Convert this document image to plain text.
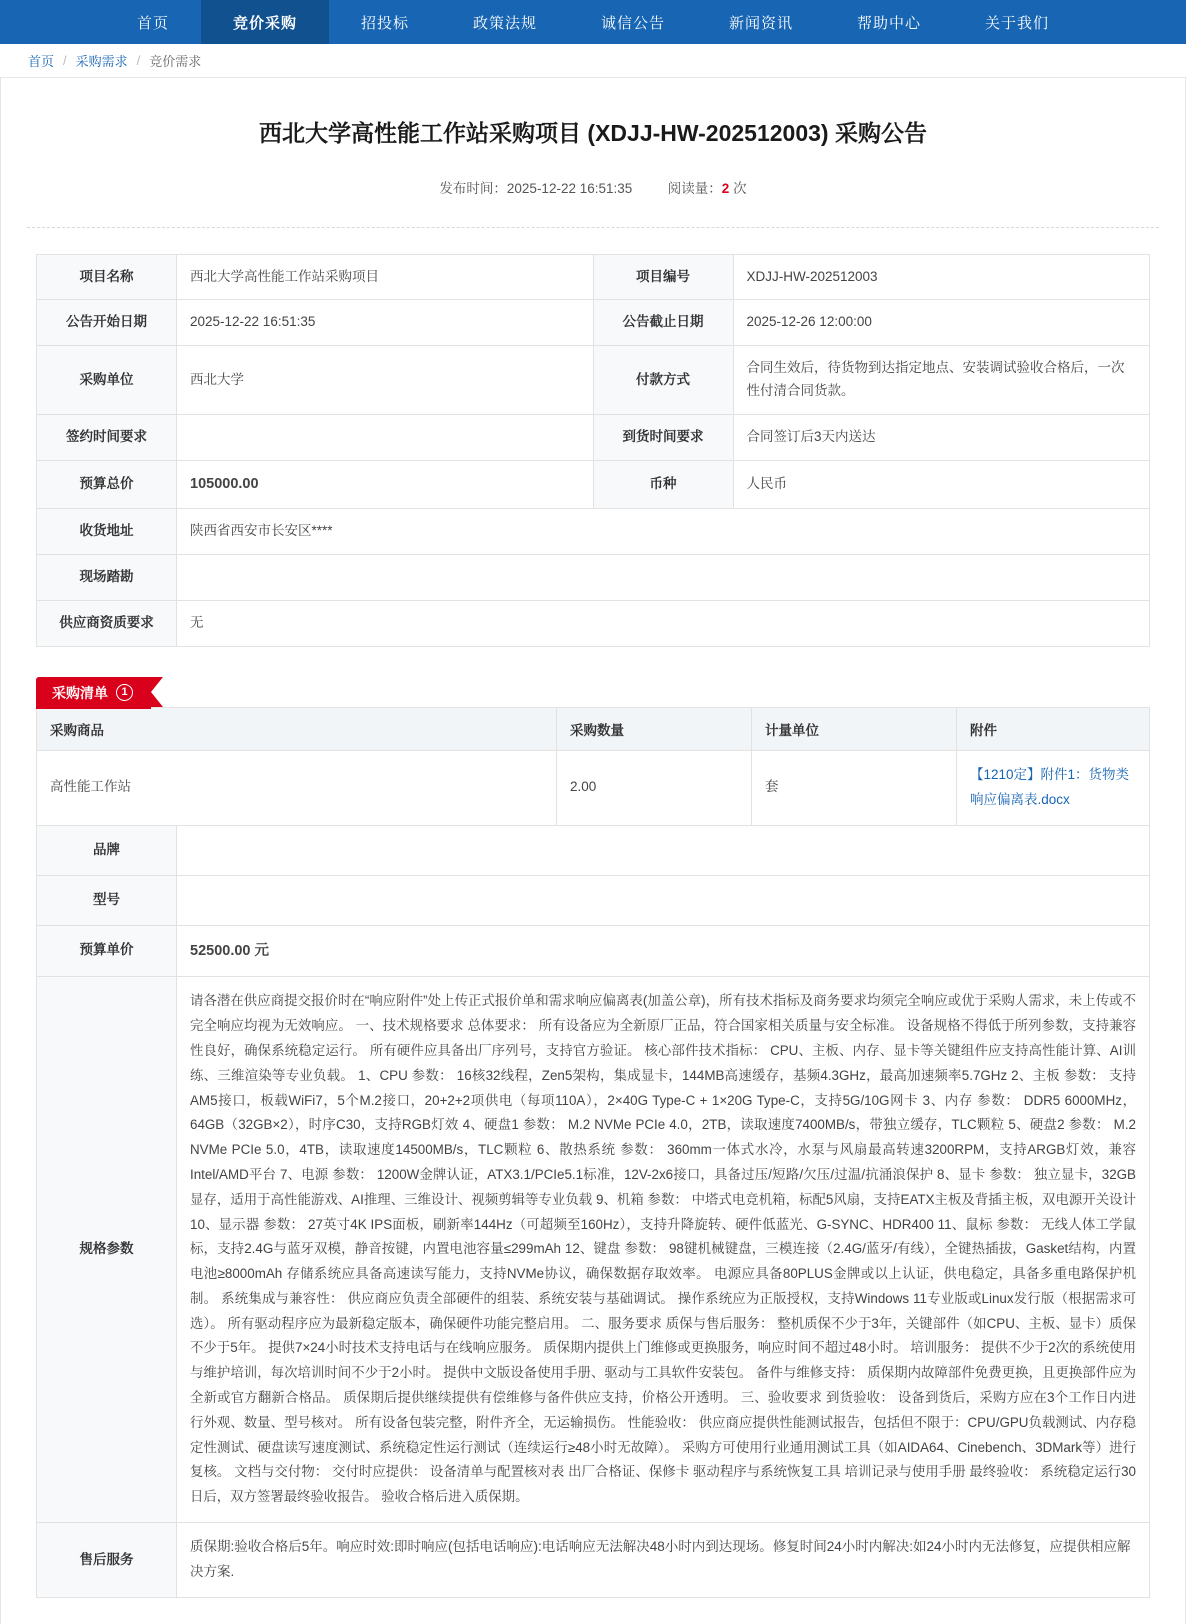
首页	竞价采购	招投标	政策法规	诚信公告	新闻资讯	帮助中心	关于我们
首页 / 采购需求 / 竞价需求
西北大学高性能工作站采购项目 (XDJJ-HW-202512003) 采购公告
发布时间：2025-12-22 16:51:35	阅读量：2 次
项目名称	西北大学高性能工作站采购项目	项目编号	XDJJ-HW-202512003
公告开始日期	2025-12-22 16:51:35	公告截止日期	2025-12-26 12:00:00
采购单位	西北大学	付款方式	合同生效后，待货物到达指定地点、安装调试验收合格后，一次性付清合同货款。
签约时间要求		到货时间要求	合同签订后3天内送达
预算总价	105000.00	币种	人民币
收货地址	陕西省西安市长安区****		
现场踏勘			
供应商资质要求	无		
采购清单	1
采购商品		采购数量	计量单位	附件
高性能工作站		2.00	套	【1210定】附件1：货物类响应偏离表.docx
品牌				
型号				
预算单价	52500.00 元			
规格参数	请各潜在供应商提交报价时在“响应附件”处上传正式报价单和需求响应偏离表(加盖公章)，所有技术指标及商务要求均须完全响应或优于采购人需求，未上传或不完全响应均视为无效响应。 一、技术规格要求 总体要求： 所有设备应为全新原厂正品，符合国家相关质量与安全标准。 设备规格不得低于所列参数，支持兼容性良好，确保系统稳定运行。 所有硬件应具备出厂序列号，支持官方验证。 核心部件技术指标： CPU、主板、内存、显卡等关键组件应支持高性能计算、AI训练、三维渲染等专业负载。 1、CPU 参数： 16核32线程，Zen5架构，集成显卡，144MB高速缓存，基频4.3GHz，最高加速频率5.7GHz 2、主板 参数： 支持AM5接口，板载WiFi7，5个M.2接口，20+2+2项供电（每项110A），2×40G Type-C + 1×20G Type-C，支持5G/10G网卡 3、内存 参数： DDR5 6000MHz，64GB（32GB×2），时序C30，支持RGB灯效 4、硬盘1 参数： M.2 NVMe PCIe 4.0，2TB，读取速度7400MB/s，带独立缓存，TLC颗粒 5、硬盘2 参数： M.2 NVMe PCIe 5.0，4TB，读取速度14500MB/s，TLC颗粒 6、散热系统 参数： 360mm一体式水冷，水泵与风扇最高转速3200RPM，支持ARGB灯效，兼容Intel/AMD平台 7、电源 参数： 1200W金牌认证，ATX3.1/PCIe5.1标准，12V-2x6接口，具备过压/短路/欠压/过温/抗涌浪保护 8、显卡 参数： 独立显卡，32GB显存，适用于高性能游戏、AI推理、三维设计、视频剪辑等专业负载 9、机箱 参数： 中塔式电竞机箱，标配5风扇，支持EATX主板及背插主板，双电源开关设计 10、显示器 参数： 27英寸4K IPS面板，刷新率144Hz（可超频至160Hz），支持升降旋转、硬件低蓝光、G-SYNC、HDR400 11、鼠标 参数： 无线人体工学鼠标，支持2.4G与蓝牙双模，静音按键，内置电池容量≤299mAh 12、键盘 参数： 98键机械键盘，三模连接（2.4G/蓝牙/有线），全键热插拔，Gasket结构，内置电池≥8000mAh 存储系统应具备高速读写能力，支持NVMe协议，确保数据存取效率。 电源应具备80PLUS金牌或以上认证，供电稳定，具备多重电路保护机制。 系统集成与兼容性： 供应商应负责全部硬件的组装、系统安装与基础调试。 操作系统应为正版授权，支持Windows 11专业版或Linux发行版（根据需求可选）。 所有驱动程序应为最新稳定版本，确保硬件功能完整启用。 二、服务要求 质保与售后服务： 整机质保不少于3年，关键部件（如CPU、主板、显卡）质保不少于5年。 提供7×24小时技术支持电话与在线响应服务。 质保期内提供上门维修或更换服务，响应时间不超过48小时。 培训服务： 提供不少于2次的系统使用与维护培训，每次培训时间不少于2小时。 提供中文版设备使用手册、驱动与工具软件安装包。 备件与维修支持： 质保期内故障部件免费更换，且更换部件应为全新或官方翻新合格品。 质保期后提供继续提供有偿维修与备件供应支持，价格公开透明。 三、验收要求 到货验收： 设备到货后，采购方应在3个工作日内进行外观、数量、型号核对。 所有设备包装完整，附件齐全，无运输损伤。 性能验收： 供应商应提供性能测试报告，包括但不限于：CPU/GPU负载测试、内存稳定性测试、硬盘读写速度测试、系统稳定性运行测试（连续运行≥48小时无故障）。 采购方可使用行业通用测试工具（如AIDA64、Cinebench、3DMark等）进行复核。 文档与交付物： 交付时应提供： 设备清单与配置核对表 出厂合格证、保修卡 驱动程序与系统恢复工具 培训记录与使用手册 最终验收： 系统稳定运行30日后，双方签署最终验收报告。 验收合格后进入质保期。			
售后服务	质保期:验收合格后5年。响应时效:即时响应(包括电话响应):电话响应无法解决48小时内到达现场。修复时间24小时内解决:如24小时内无法修复，应提供相应解决方案.			
